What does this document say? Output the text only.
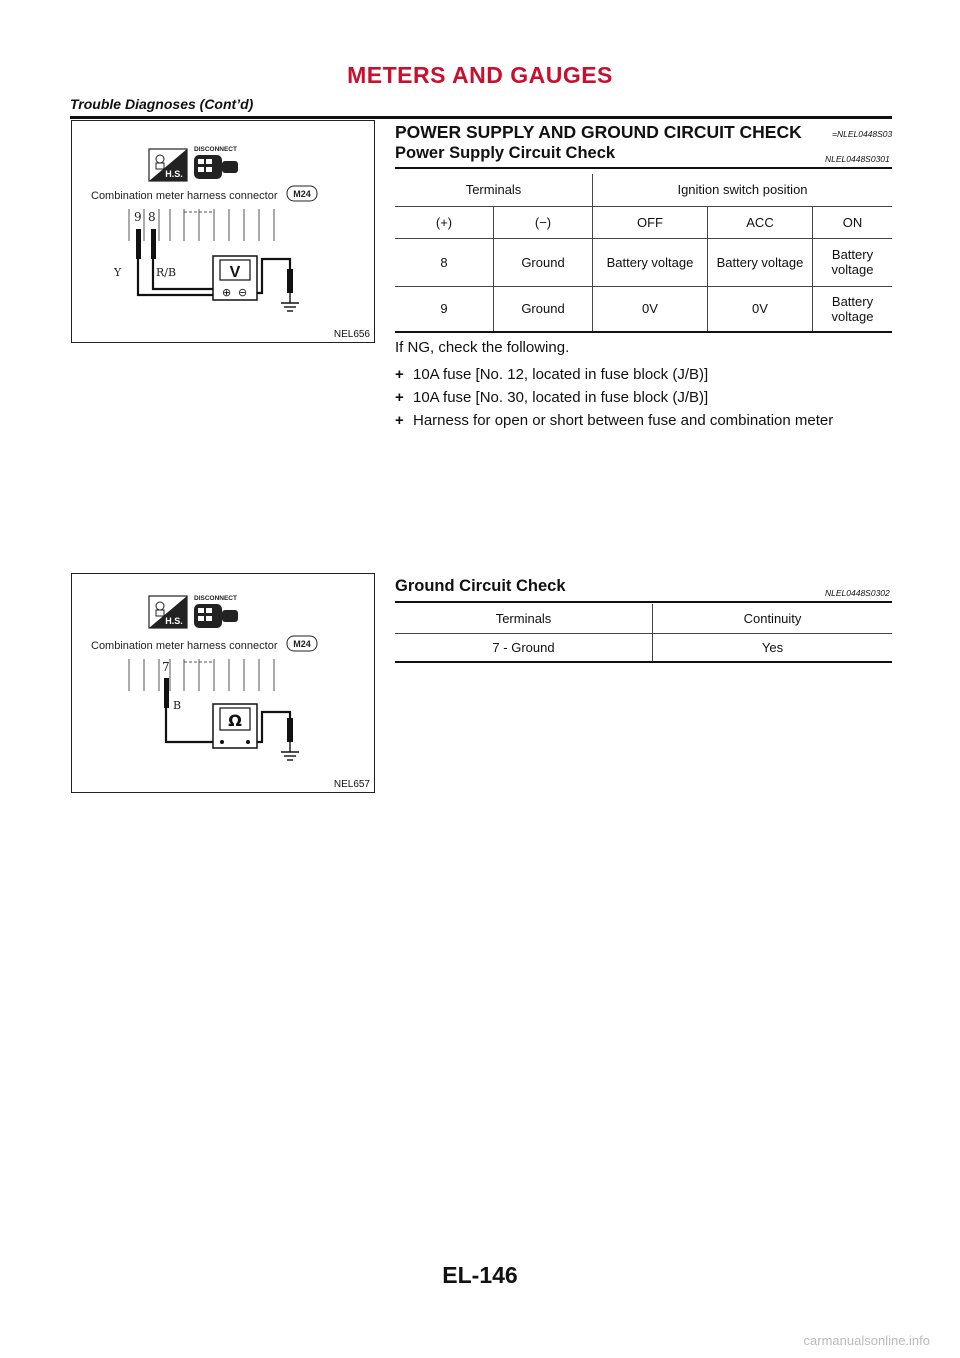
METERS AND GAUGES
Trouble Diagnoses (Cont’d)
H.S.
DISCONNECT
Combination meter harness connector M24
9 8
Y	R/B	V
⊕ ⊖
NEL656
H.S.
DISCONNECT
Combination meter harness connector M24
7
B
Ω
NEL657
POWER SUPPLY AND GROUND CIRCUIT CHECK	=NLEL0448S03
Power Supply Circuit Check	NLEL0448S0301
Terminals		Ignition switch position		
(+)	(−)	OFF	ACC	ON
8	Ground	Battery voltage	Battery voltage	Battery voltage
9	Ground	0V	0V	Battery voltage
If NG, check the following.
+ 10A fuse [No. 12, located in fuse block (J/B)]
+ 10A fuse [No. 30, located in fuse block (J/B)]
+ Harness for open or short between fuse and combination meter
Ground Circuit Check	NLEL0448S0302
Terminals	Continuity
7 - Ground	Yes
EL-146
carmanualsonline.info
